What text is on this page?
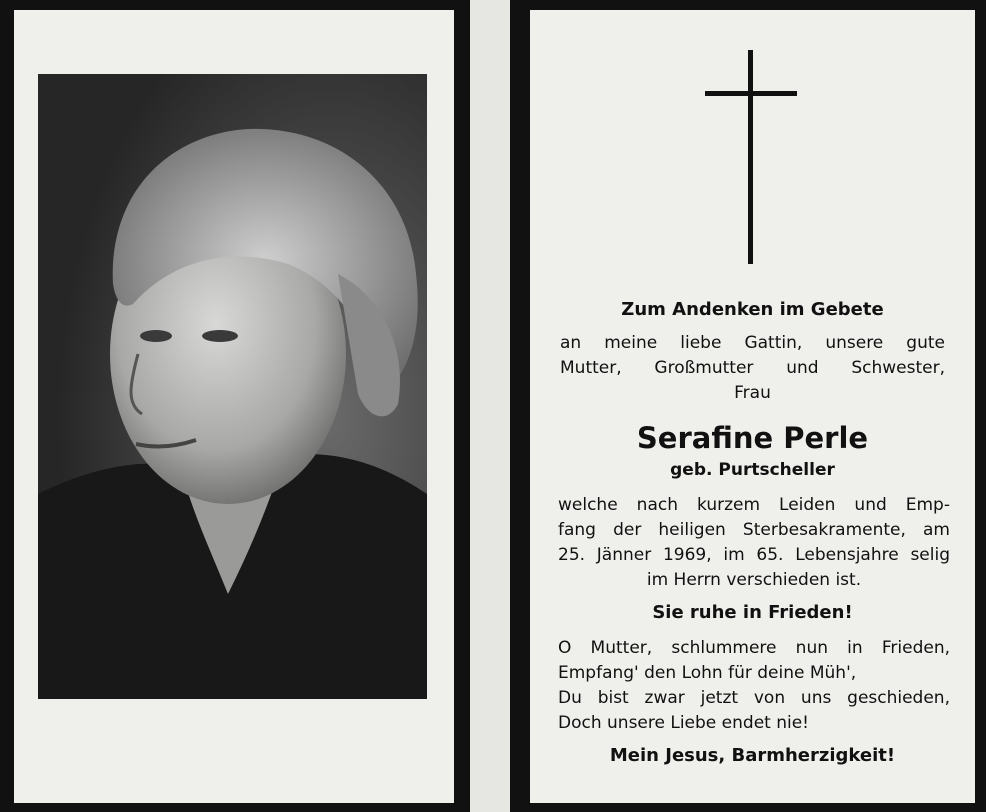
Zum Andenken im Gebete
an meine liebe Gattin, unsere gute
Mutter, Großmutter und Schwester,
Frau
Serafine Perle
geb. Purtscheller
welche nach kurzem Leiden und Emp-
fang der heiligen Sterbesakramente, am
25. Jänner 1969, im 65. Lebensjahre selig
im Herrn verschieden ist.
Sie ruhe in Frieden!
O Mutter, schlummere nun in Frieden,
Empfang' den Lohn für deine Müh',
Du bist zwar jetzt von uns geschieden,
Doch unsere Liebe endet nie!
Mein Jesus, Barmherzigkeit!
